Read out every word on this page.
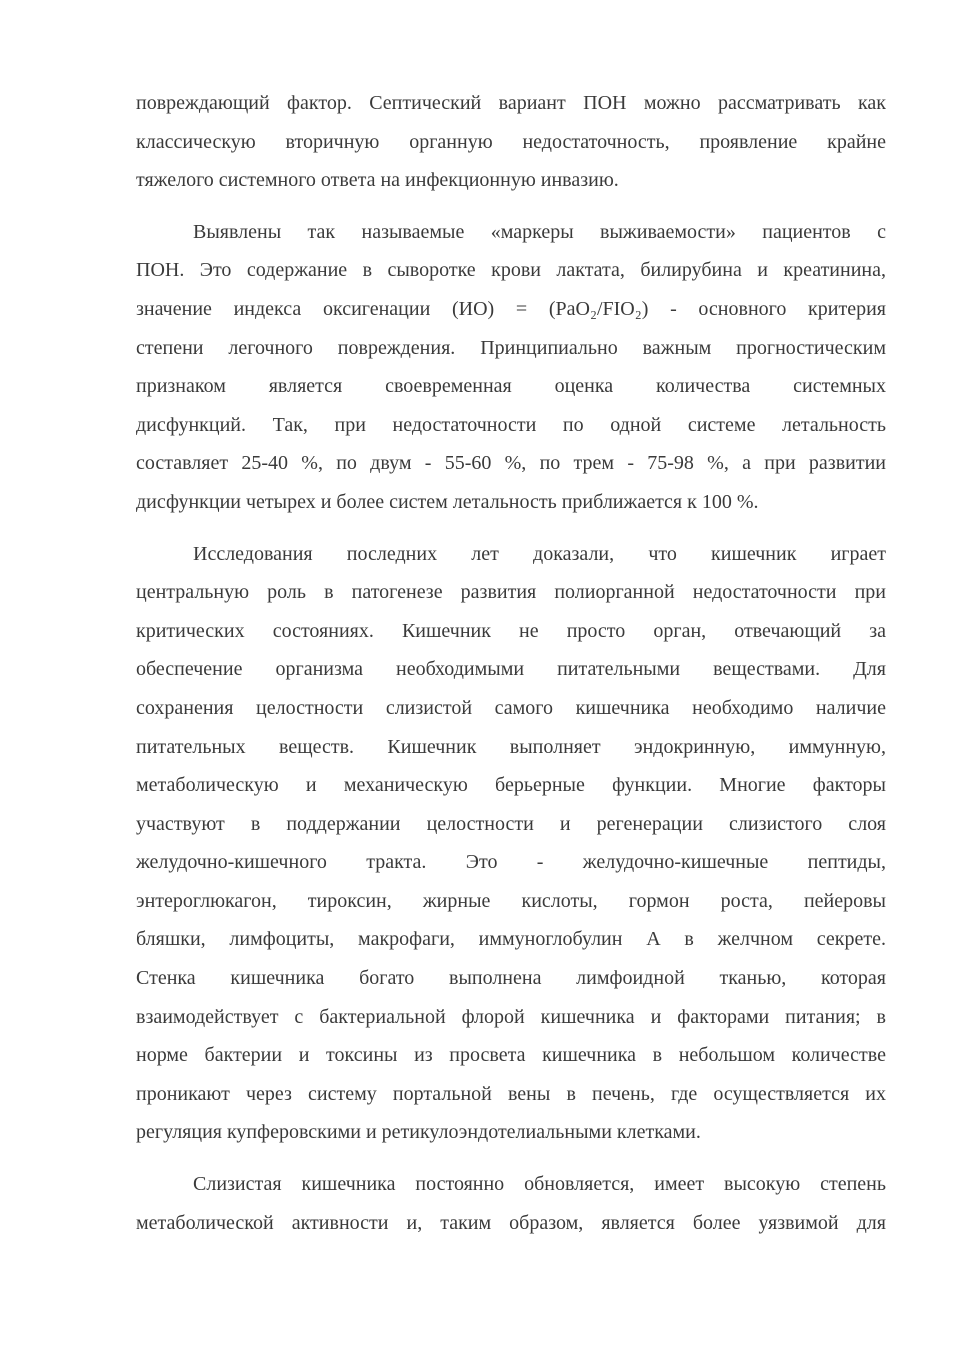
повреждающий фактор. Септический вариант ПОН можно рассматривать как
классическую вторичную органную недостаточность, проявление крайне
тяжелого системного ответа на инфекционную инвазию.
Выявлены так называемые «маркеры выживаемости» пациентов с
ПОН. Это содержание в сыворотке крови лактата, билирубина и креатинина,
значение индекса оксигенации (ИО) = (PaO₂/FIO₂) - основного критерия
степени легочного повреждения. Принципиально важным прогностическим
признаком является своевременная оценка количества системных
дисфункций. Так, при недостаточности по одной системе летальность
составляет 25-40 %, по двум - 55-60 %, по трем - 75-98 %, а при развитии
дисфункции четырех и более систем летальность приближается к 100 %.
Исследования последних лет доказали, что кишечник играет
центральную роль в патогенезе развития полиорганной недостаточности при
критических состояниях. Кишечник не просто орган, отвечающий за
обеспечение организма необходимыми питательными веществами. Для
сохранения целостности слизистой самого кишечника необходимо наличие
питательных веществ. Кишечник выполняет эндокринную, иммунную,
метаболическую и механическую берьерные функции. Многие факторы
участвуют в поддержании целостности и регенерации слизистого слоя
желудочно-кишечного тракта. Это - желудочно-кишечные пептиды,
энтероглюкагон, тироксин, жирные кислоты, гормон роста, пейеровы
бляшки, лимфоциты, макрофаги, иммуноглобулин А в желчном секрете.
Стенка кишечника богато выполнена лимфоидной тканью, которая
взаимодействует с бактериальной флорой кишечника и факторами питания; в
норме бактерии и токсины из просвета кишечника в небольшом количестве
проникают через систему портальной вены в печень, где осуществляется их
регуляция купферовскими и ретикулоэндотелиальными клетками.
Слизистая кишечника постоянно обновляется, имеет высокую степень
метаболической активности и, таким образом, является более уязвимой для
